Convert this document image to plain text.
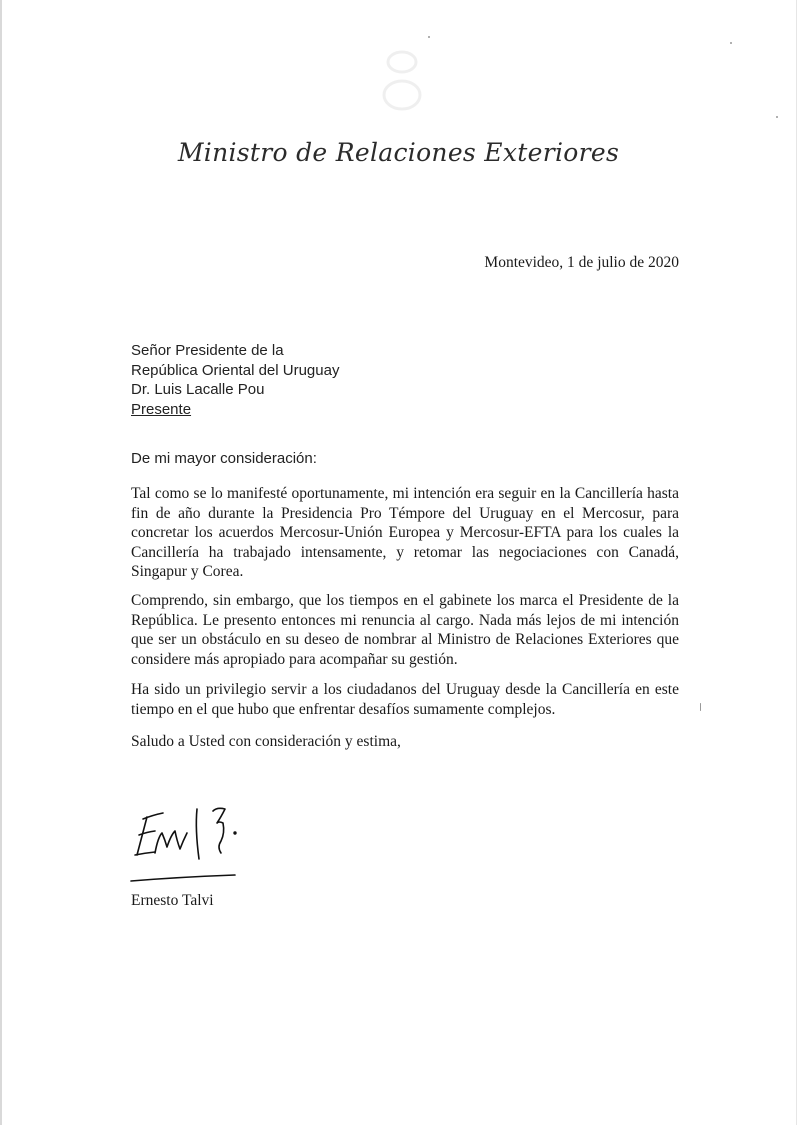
Ministro de Relaciones Exteriores
Montevideo, 1 de julio de 2020
Señor Presidente de la
República Oriental del Uruguay
Dr. Luis Lacalle Pou
Presente
De mi mayor consideración:
Tal como se lo manifesté oportunamente, mi intención era seguir en la Cancillería hasta fin de año durante la Presidencia Pro Témpore del Uruguay en el Mercosur, para concretar los acuerdos Mercosur-Unión Europea y Mercosur-EFTA para los cuales la Cancillería ha trabajado intensamente, y retomar las negociaciones con Canadá, Singapur y Corea.
Comprendo, sin embargo, que los tiempos en el gabinete los marca el Presidente de la República. Le presento entonces mi renuncia al cargo. Nada más lejos de mi intención que ser un obstáculo en su deseo de nombrar al Ministro de Relaciones Exteriores que considere más apropiado para acompañar su gestión.
Ha sido un privilegio servir a los ciudadanos del Uruguay desde la Cancillería en este tiempo en el que hubo que enfrentar desafíos sumamente complejos.
Saludo a Usted con consideración y estima,
Ernesto Talvi
